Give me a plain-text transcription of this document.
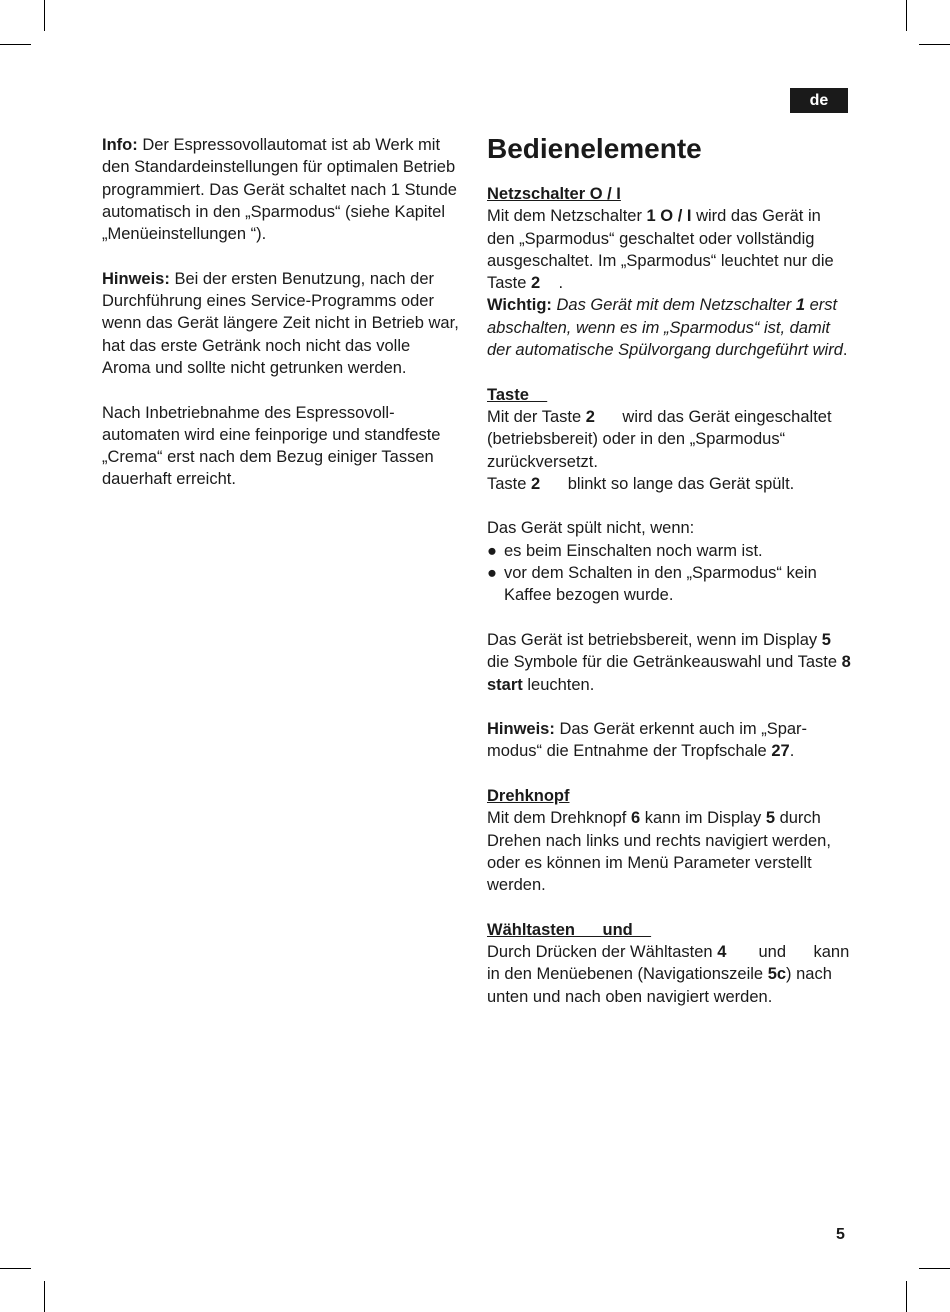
de

Info: Der Espressovollautomat ist ab Werk mit den Standardeinstellungen für optimalen Betrieb programmiert. Das Gerät schaltet nach 1 Stunde automatisch in den „Sparmodus“ (siehe Kapitel „Menüeinstellungen “).

Hinweis: Bei der ersten Benutzung, nach der Durchführung eines Service-Programms oder wenn das Gerät längere Zeit nicht in Betrieb war, hat das erste Getränk noch nicht das volle Aroma und sollte nicht getrunken werden.

Nach Inbetriebnahme des Espressovollautomaten wird eine feinporige und standfeste „Crema“ erst nach dem Bezug einiger Tassen dauerhaft erreicht.

Bedienelemente

Netzschalter O / I

Mit dem Netzschalter 1 O / I wird das Gerät in den „Sparmodus“ geschaltet oder vollständig ausgeschaltet. Im „Sparmodus“ leuchtet nur die Taste 2    .

Wichtig: Das Gerät mit dem Netzschalter 1 erst abschalten, wenn es im „Sparmodus“ ist, damit der automatische Spülvorgang durchgeführt wird.

Taste

Mit der Taste 2      wird das Gerät eingeschaltet (betriebsbereit) oder in den „Sparmodus“ zurückversetzt.

Taste 2      blinkt so lange das Gerät spült.

Das Gerät spült nicht, wenn:

● es beim Einschalten noch warm ist.
● vor dem Schalten in den „Sparmodus“ kein Kaffee bezogen wurde.

Das Gerät ist betriebsbereit, wenn im Display 5 die Symbole für die Getränkeauswahl und Taste 8 start leuchten.

Hinweis: Das Gerät erkennt auch im „Sparmodus“ die Entnahme der Tropfschale 27.

Drehknopf

Mit dem Drehknopf 6 kann im Display 5 durch Drehen nach links und rechts navigiert werden, oder es können im Menü Parameter verstellt werden.

Wähltasten      und

Durch Drücken der Wähltasten 4       und      kann in den Menüebenen (Navigationszeile 5c) nach unten und nach oben navigiert werden.

5
